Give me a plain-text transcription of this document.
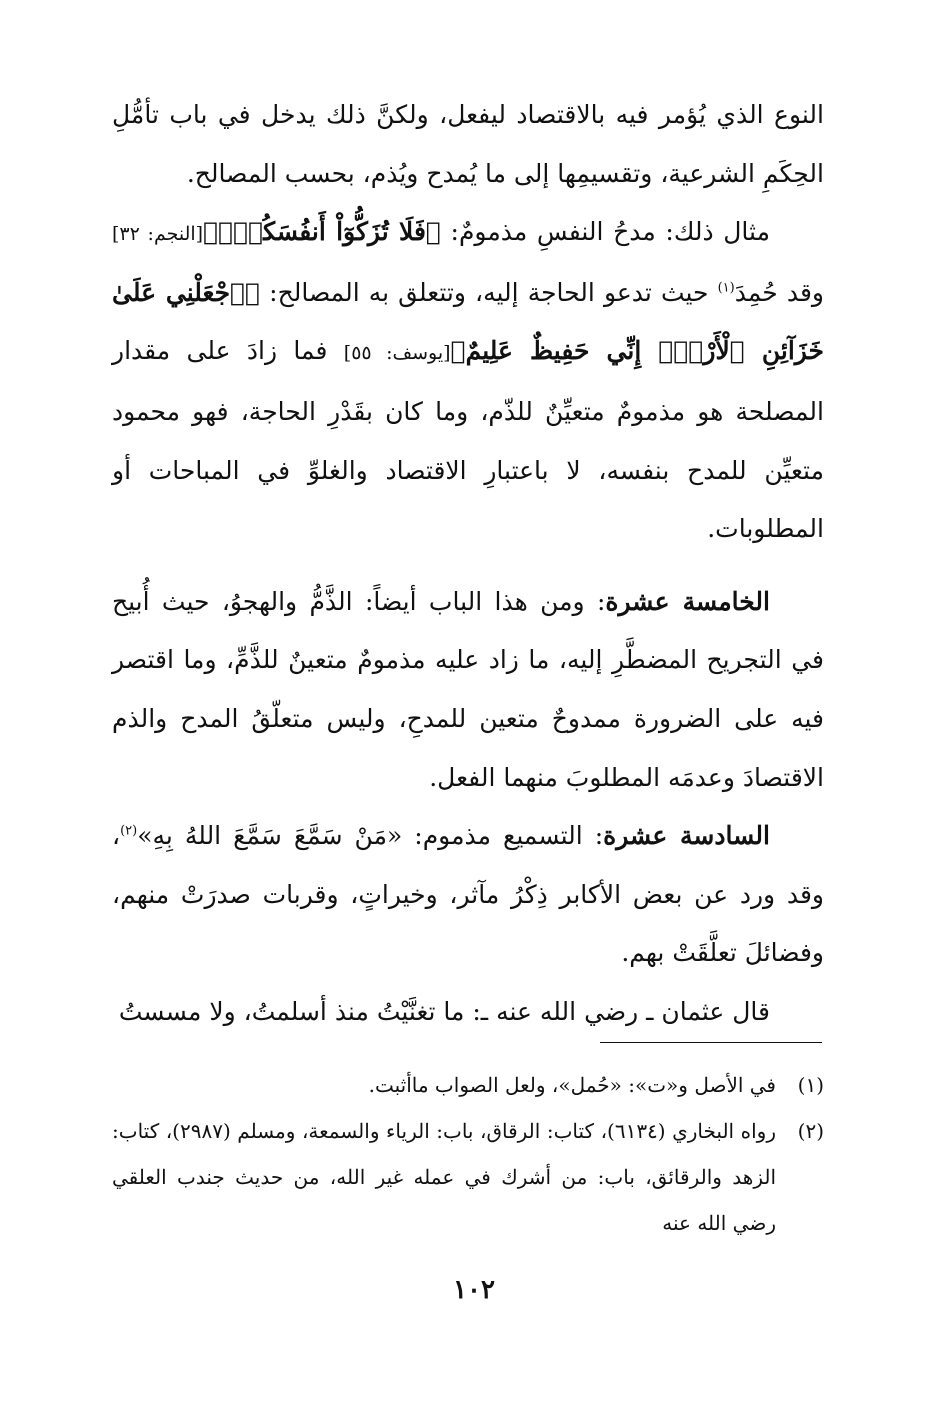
النوع الذي يُؤمر فيه بالاقتصاد ليفعل، ولكنَّ ذلك يدخل في باب تأمُّلِ الحِكَمِ الشرعية، وتقسيمِها إلى ما يُمدح ويُذم، بحسب المصالح.

مثال ذلك: مدحُ النفسِ مذمومٌ: ﴿فَلَا تُزَكُّوٓاْ أَنفُسَكُمْۖ﴾[النجم: ٣٢] وقد حُمِدَ$^{(١)}$ حيث تدعو الحاجة إليه، وتتعلق به المصالح: ﴿ٱجْعَلْنِي عَلَىٰ خَزَآئِنِ ٱلْأَرْضِۖ إِنِّي حَفِيظٌ عَلِيمٌ﴾[يوسف: ٥٥] فما زادَ على مقدار المصلحة هو مذمومٌ متعيِّنٌ للذّم، وما كان بقَدْرِ الحاجة، فهو محمود متعيِّن للمدح بنفسه، لا باعتبارِ الاقتصاد والغلوِّ في المباحات أو المطلوبات.

الخامسة عشرة: ومن هذا الباب أيضاً: الذَّمُّ والهجوُ، حيث أُبيح في التجريح المضطَّرِ إليه، ما زاد عليه مذمومٌ متعينٌ للذَّمِّ، وما اقتصر فيه على الضرورة ممدوحٌ متعين للمدحِ، وليس متعلّقُ المدح والذم الاقتصادَ وعدمَه المطلوبَ منهما الفعل.

السادسة عشرة: التسميع مذموم: «مَنْ سَمَّعَ سَمَّعَ اللهُ بِهِ»$^{(٢)}$، وقد ورد عن بعض الأكابر ذِكْرُ مآثر، وخيراتٍ، وقربات صدرَتْ منهم، وفضائلَ تعلَّقَتْ بهم.

قال عثمان ـ رضي الله عنه ـ: ما تغنَّيْتُ منذ أسلمتُ، ولا مسستُ

(١)
في الأصل و«ت»: «حُمل»، ولعل الصواب ماأثبت.

(٢)
رواه البخاري (٦١٣٤)، كتاب: الرقاق، باب: الرياء والسمعة، ومسلم (٢٩٨٧)، كتاب: الزهد والرقائق، باب: من أشرك في عمله غير الله، من حديث جندب العلقي رضي الله عنه

١٠٢
